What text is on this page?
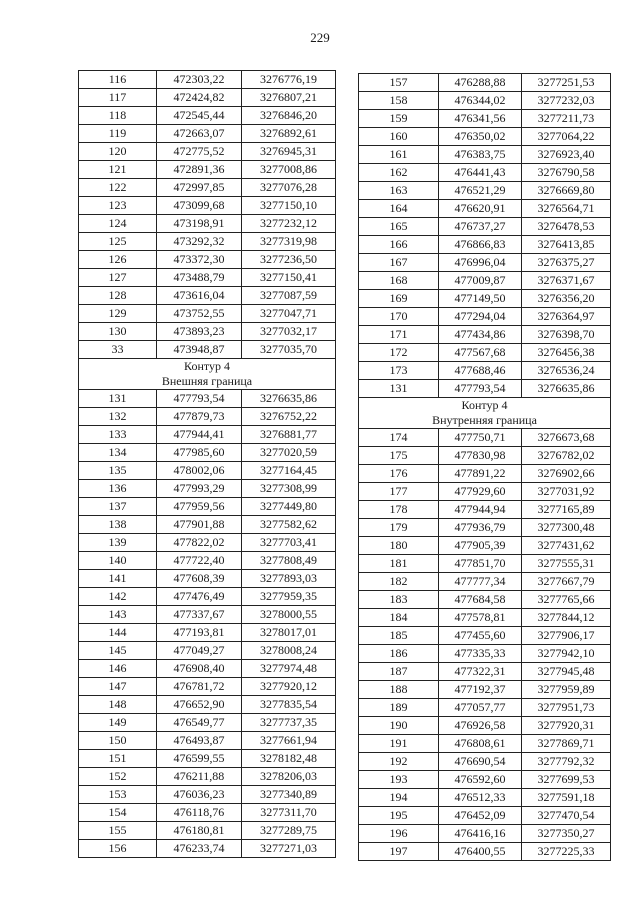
229
116	472303,22	3276776,19
117	472424,82	3276807,21
118	472545,44	3276846,20
119	472663,07	3276892,61
120	472775,52	3276945,31
121	472891,36	3277008,86
122	472997,85	3277076,28
123	473099,68	3277150,10
124	473198,91	3277232,12
125	473292,32	3277319,98
126	473372,30	3277236,50
127	473488,79	3277150,41
128	473616,04	3277087,59
129	473752,55	3277047,71
130	473893,23	3277032,17
33	473948,87	3277035,70

Контур 4
Внешняя граница		

131	477793,54	3276635,86
132	477879,73	3276752,22
133	477944,41	3276881,77
134	477985,60	3277020,59
135	478002,06	3277164,45
136	477993,29	3277308,99
137	477959,56	3277449,80
138	477901,88	3277582,62
139	477822,02	3277703,41
140	477722,40	3277808,49
141	477608,39	3277893,03
142	477476,49	3277959,35
143	477337,67	3278000,55
144	477193,81	3278017,01
145	477049,27	3278008,24
146	476908,40	3277974,48
147	476781,72	3277920,12
148	476652,90	3277835,54
149	476549,77	3277737,35
150	476493,87	3277661,94
151	476599,55	3278182,48
152	476211,88	3278206,03
153	476036,23	3277340,89
154	476118,76	3277311,70
155	476180,81	3277289,75
156	476233,74	3277271,03
157	476288,88	3277251,53
158	476344,02	3277232,03
159	476341,56	3277211,73
160	476350,02	3277064,22
161	476383,75	3276923,40
162	476441,43	3276790,58
163	476521,29	3276669,80
164	476620,91	3276564,71
165	476737,27	3276478,53
166	476866,83	3276413,85
167	476996,04	3276375,27
168	477009,87	3276371,67
169	477149,50	3276356,20
170	477294,04	3276364,97
171	477434,86	3276398,70
172	477567,68	3276456,38
173	477688,46	3276536,24
131	477793,54	3276635,86

Контур 4
Внутренняя граница		

174	477750,71	3276673,68
175	477830,98	3276782,02
176	477891,22	3276902,66
177	477929,60	3277031,92
178	477944,94	3277165,89
179	477936,79	3277300,48
180	477905,39	3277431,62
181	477851,70	3277555,31
182	477777,34	3277667,79
183	477684,58	3277765,66
184	477578,81	3277844,12
185	477455,60	3277906,17
186	477335,33	3277942,10
187	477322,31	3277945,48
188	477192,37	3277959,89
189	477057,77	3277951,73
190	476926,58	3277920,31
191	476808,61	3277869,71
192	476690,54	3277792,32
193	476592,60	3277699,53
194	476512,33	3277591,18
195	476452,09	3277470,54
196	476416,16	3277350,27
197	476400,55	3277225,33
